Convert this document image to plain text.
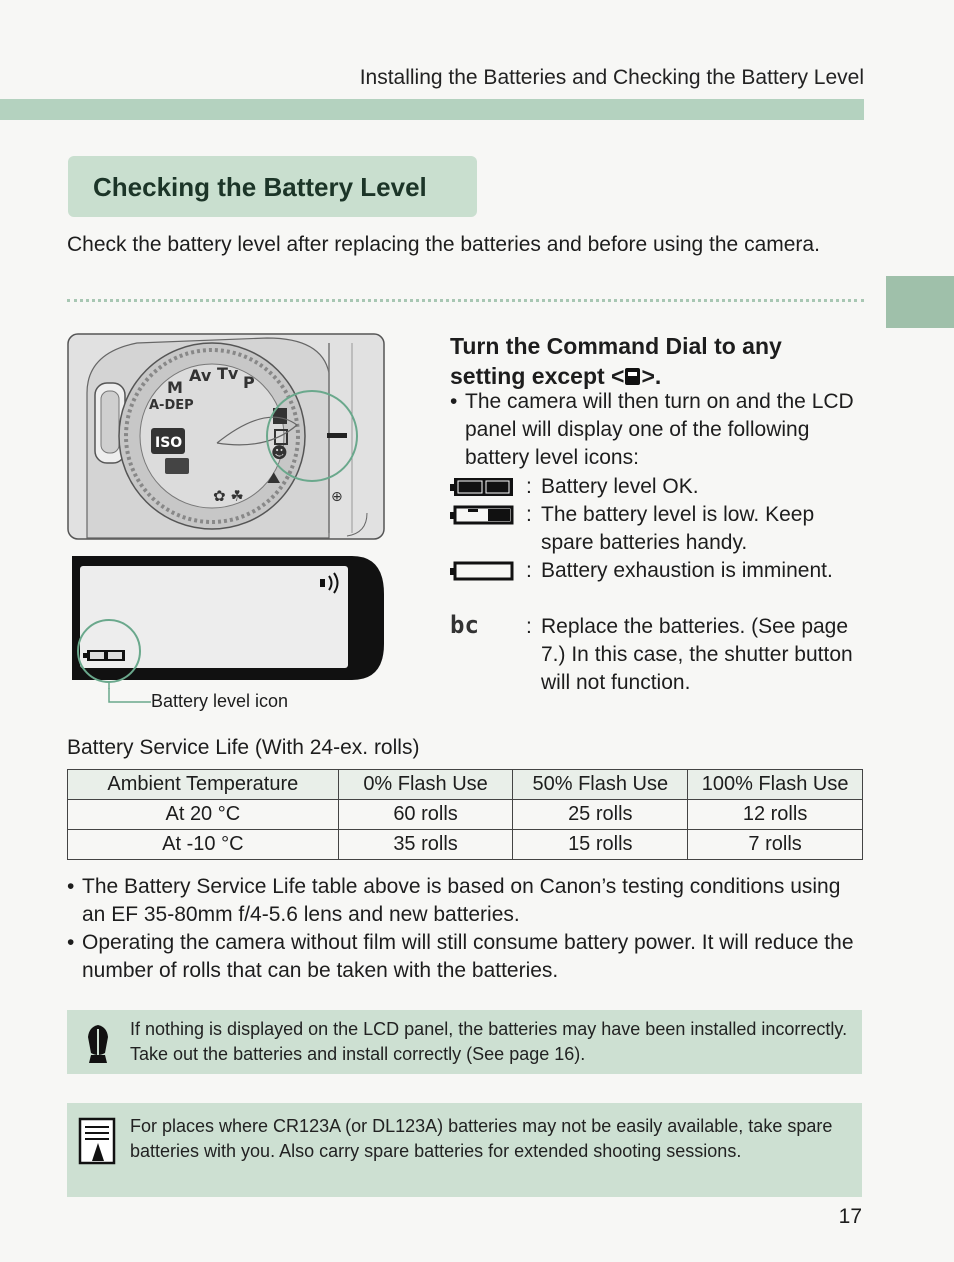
Installing the Batteries and Checking the Battery Level
Checking the Battery Level
Check the battery level after replacing the batteries and before using the camera.
M
Av Tv P
A-DEP
ISO
✿ ☘
⛰
☻
⊕
Battery level icon
Turn the Command Dial to any
setting except < >.
• The camera will then turn on and the LCD panel will display one of the following battery level icons:
: Battery level OK.
: The battery level is low. Keep spare batteries handy.
: Battery exhaustion is imminent.
bc : Replace the batteries. (See page 7.) In this case, the shutter button will not function.
Battery Service Life (With 24-ex. rolls)
Ambient Temperature	0% Flash Use	50% Flash Use	100% Flash Use
At 20 °C	60 rolls	25 rolls	12 rolls
At -10 °C	35 rolls	15 rolls	7 rolls

• The Battery Service Life table above is based on Canon’s testing conditions using an EF 35-80mm f/4-5.6 lens and new batteries.

• Operating the camera without film will still consume battery power. It will reduce the number of rolls that can be taken with the batteries.

If nothing is displayed on the LCD panel, the batteries may have been installed incorrectly. Take out the batteries and install correctly (See page 16).
For places where CR123A (or DL123A) batteries may not be easily available, take spare batteries with you. Also carry spare batteries for extended shooting sessions.
17
